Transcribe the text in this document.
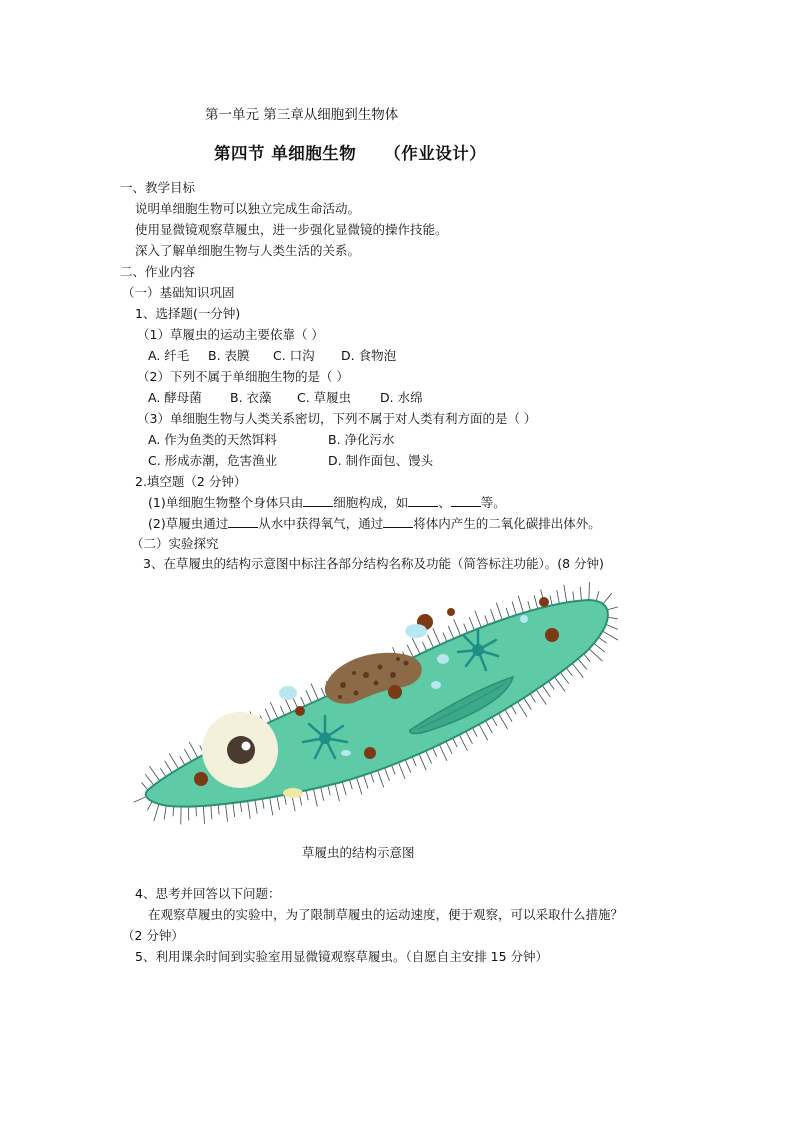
第一单元 第三章从细胞到生物体
第四节 单细胞生物 （作业设计）
一、教学目标
说明单细胞生物可以独立完成生命活动。
使用显微镜观察草履虫，进一步强化显微镜的操作技能。
深入了解单细胞生物与人类生活的关系。
二、作业内容
（一）基础知识巩固
1、选择题(一分钟)
（1）草履虫的运动主要依靠（ ）
A. 纤毛 B. 表膜 C. 口沟 D. 食物泡
（2）下列不属于单细胞生物的是（ ）
A. 酵母菌 B. 衣藻 C. 草履虫 D. 水绵
（3）单细胞生物与人类关系密切，下列不属于对人类有利方面的是（ ）
A. 作为鱼类的天然饵料	B. 净化污水
C. 形成赤潮，危害渔业	D. 制作面包、馒头
2.填空题（2 分钟）
(1)单细胞生物整个身体只由 细胞构成，如 、 等。
(2)草履虫通过 从水中获得氧气，通过 将体内产生的二氧化碳排出体外。
（二）实验探究
3、在草履虫的结构示意图中标注各部分结构名称及功能（简答标注功能）。(8 分钟)
草履虫的结构示意图
4、思考并回答以下问题：
在观察草履虫的实验中，为了限制草履虫的运动速度，便于观察，可以采取什么措施？
（2 分钟）
5、利用课余时间到实验室用显微镜观察草履虫。（自愿自主安排 15 分钟）
